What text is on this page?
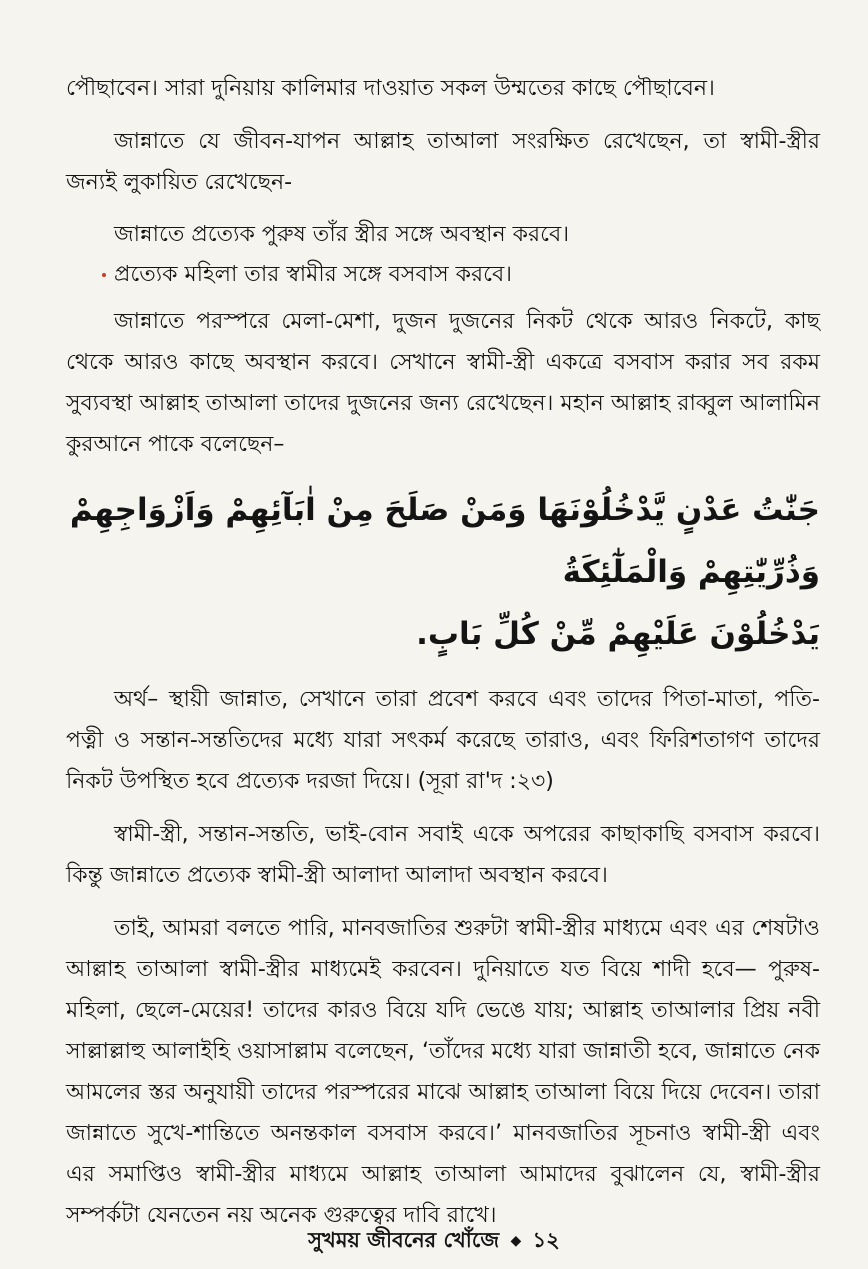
পৌছাবেন। সারা দুনিয়ায় কালিমার দাওয়াত সকল উম্মতের কাছে পৌছাবেন।

জান্নাতে যে জীবন-যাপন আল্লাহ তাআলা সংরক্ষিত রেখেছেন, তা স্বামী-স্ত্রীর জন্যই লুকায়িত রেখেছেন-

জান্নাতে প্রত্যেক পুরুষ তাঁর স্ত্রীর সঙ্গে অবস্থান করবে।

প্রত্যেক মহিলা তার স্বামীর সঙ্গে বসবাস করবে।

জান্নাতে পরস্পরে মেলা-মেশা, দুজন দুজনের নিকট থেকে আরও নিকটে, কাছ থেকে আরও কাছে অবস্থান করবে। সেখানে স্বামী-স্ত্রী একত্রে বসবাস করার সব রকম সুব্যবস্থা আল্লাহ তাআলা তাদের দুজনের জন্য রেখেছেন। মহান আল্লাহ রাব্বুল আলামিন কুরআনে পাকে বলেছেন–

جَنّٰتُ عَدْنٍ يَّدْخُلُوْنَهَا وَمَنْ صَلَحَ مِنْ اٰبَآئِهِمْ وَاَزْوَاجِهِمْ وَذُرِّيّٰتِهِمْ وَالْمَلٰٓئِكَةُ
يَدْخُلُوْنَ عَلَيْهِمْ مِّنْ كُلِّ بَابٍ.

অর্থ– স্থায়ী জান্নাত, সেখানে তারা প্রবেশ করবে এবং তাদের পিতা-মাতা, পতি-পত্নী ও সন্তান-সন্ততিদের মধ্যে যারা সৎকর্ম করেছে তারাও, এবং ফিরিশতাগণ তাদের নিকট উপস্থিত হবে প্রত্যেক দরজা দিয়ে। (সূরা রা'দ :২৩)

স্বামী-স্ত্রী, সন্তান-সন্ততি, ভাই-বোন সবাই একে অপরের কাছাকাছি বসবাস করবে। কিন্তু জান্নাতে প্রত্যেক স্বামী-স্ত্রী আলাদা আলাদা অবস্থান করবে।

তাই, আমরা বলতে পারি, মানবজাতির শুরুটা স্বামী-স্ত্রীর মাধ্যমে এবং এর শেষটাও আল্লাহ তাআলা স্বামী-স্ত্রীর মাধ্যমেই করবেন। দুনিয়াতে যত বিয়ে শাদী হবে— পুরুষ-মহিলা, ছেলে-মেয়ের! তাদের কারও বিয়ে যদি ভেঙে যায়; আল্লাহ তাআলার প্রিয় নবী সাল্লাল্লাহু আলাইহি ওয়াসাল্লাম বলেছেন, ‘তাঁদের মধ্যে যারা জান্নাতী হবে, জান্নাতে নেক আমলের স্তর অনুযায়ী তাদের পরস্পরের মাঝে আল্লাহ তাআলা বিয়ে দিয়ে দেবেন। তারা জান্নাতে সুখে-শান্তিতে অনন্তকাল বসবাস করবে।’ মানবজাতির সূচনাও স্বামী-স্ত্রী এবং এর সমাপ্তিও স্বামী-স্ত্রীর মাধ্যমে আল্লাহ তাআলা আমাদের বুঝালেন যে, স্বামী-স্ত্রীর সম্পর্কটা যেনতেন নয় অনেক গুরুত্বের দাবি রাখে।

সুখময় জীবনের খোঁজে ◆ ১২
